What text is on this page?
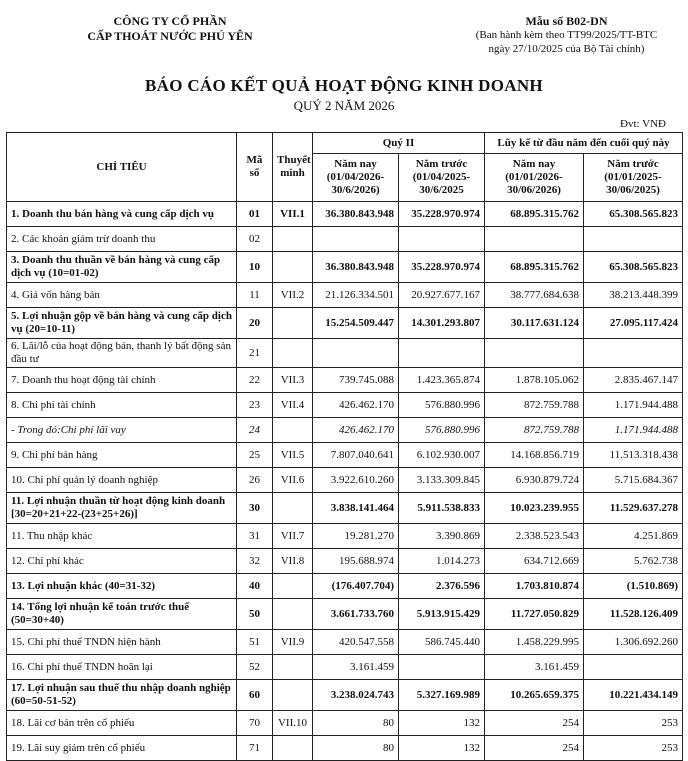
CÔNG TY CỔ PHẦN
CẤP THOÁT NƯỚC PHÚ YÊN
Mẫu số B02-DN
(Ban hành kèm theo TT99/2025/TT-BTC
ngày 27/10/2025 của Bộ Tài chính)
BÁO CÁO KẾT QUẢ HOẠT ĐỘNG KINH DOANH
QUÝ 2 NĂM 2026
Đvt: VNĐ
CHỈ TIÊU	Mã số	Thuyết minh	Quý II		Lũy kế từ đầu năm đến cuối quý này	
			Năm nay (01/04/2026-30/6/2026)	Năm trước (01/04/2025-30/6/2025	Năm nay (01/01/2026-30/06/2026)	Năm trước (01/01/2025-30/06/2025)
1. Doanh thu bán hàng và cung cấp dịch vụ	01	VII.1	36.380.843.948	35.228.970.974	68.895.315.762	65.308.565.823
2. Các khoản giảm trừ doanh thu	02					
3. Doanh thu thuần về bán hàng và cung cấp dịch vụ (10=01-02)	10		36.380.843.948	35.228.970.974	68.895.315.762	65.308.565.823
4. Giá vốn hàng bán	11	VII.2	21.126.334.501	20.927.677.167	38.777.684.638	38.213.448.399
5. Lợi nhuận gộp về bán hàng và cung cấp dịch vụ (20=10-11)	20		15.254.509.447	14.301.293.807	30.117.631.124	27.095.117.424
6. Lãi/lỗ của hoạt động bán, thanh lý bất động sản đầu tư	21					
7. Doanh thu hoạt động tài chính	22	VII.3	739.745.088	1.423.365.874	1.878.105.062	2.835.467.147
8. Chi phí tài chính	23	VII.4	426.462.170	576.880.996	872.759.788	1.171.944.488
- Trong đó:Chi phí lãi vay	24		426.462.170	576.880.996	872.759.788	1.171.944.488
9. Chi phí bán hàng	25	VII.5	7.807.040.641	6.102.930.007	14.168.856.719	11.513.318.438
10. Chi phí quản lý doanh nghiệp	26	VII.6	3.922.610.260	3.133.309.845	6.930.879.724	5.715.684.367
11. Lợi nhuận thuần từ hoạt động kinh doanh [30=20+21+22-(23+25+26)]	30		3.838.141.464	5.911.538.833	10.023.239.955	11.529.637.278
11. Thu nhập khác	31	VII.7	19.281.270	3.390.869	2.338.523.543	4.251.869
12. Chi phí khác	32	VII.8	195.688.974	1.014.273	634.712.669	5.762.738
13. Lợi nhuận khác (40=31-32)	40		(176.407.704)	2.376.596	1.703.810.874	(1.510.869)
14. Tổng lợi nhuận kế toán trước thuế (50=30+40)	50		3.661.733.760	5.913.915.429	11.727.050.829	11.528.126.409
15. Chi phí thuế TNDN hiện hành	51	VII.9	420.547.558	586.745.440	1.458.229.995	1.306.692.260
16. Chi phí thuế TNDN hoãn lại	52		3.161.459		3.161.459	
17. Lợi nhuận sau thuế thu nhập doanh nghiệp (60=50-51-52)	60		3.238.024.743	5.327.169.989	10.265.659.375	10.221.434.149
18. Lãi cơ bản trên cổ phiếu	70	VII.10	80	132	254	253
19. Lãi suy giảm trên cổ phiếu	71		80	132	254	253
